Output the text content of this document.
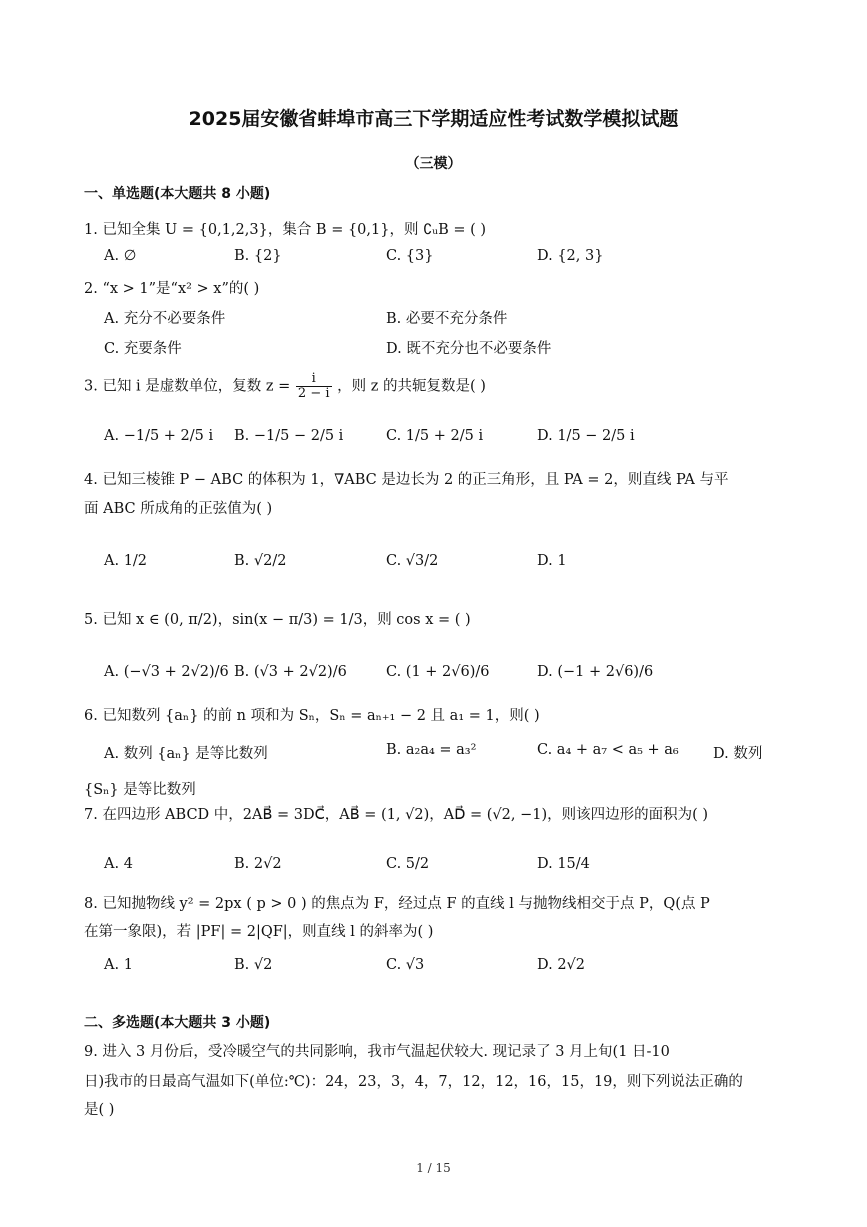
2025届安徽省蚌埠市高三下学期适应性考试数学模拟试题
（三模）
一、单选题(本大题共 8 小题)
1. 已知全集 U = {0,1,2,3}，集合 B = {0,1}，则 ∁ᵤB = ( )
A. ∅	B. {2}	C. {3}	D. {2, 3}
2. “x > 1”是“x² > x”的( )
A. 充分不必要条件	B. 必要不充分条件
C. 充要条件	D. 既不充分也不必要条件
3. 已知 i 是虚数单位，复数 $z = \frac{i}{2 - i}$ ，则 z 的共轭复数是( )
A. −1/5 + 2/5 i B. −1/5 − 2/5 i	C. 1/5 + 2/5 i	D. 1/5 − 2/5 i
4. 已知三棱锥 P − ABC 的体积为 1，∇ABC 是边长为 2 的正三角形，且 PA = 2，则直线 PA 与平
面 ABC 所成角的正弦值为( )
A. 1/2	B. √2/2	C. √3/2	D. 1
5. 已知 x ∈ (0, π/2)，sin(x − π/3) = 1/3，则 cos x = ( )
A. (−√3 + 2√2)/6 B. (√3 + 2√2)/6	C. (1 + 2√6)/6	D. (−1 + 2√6)/6
6. 已知数列 {aₙ} 的前 n 项和为 Sₙ，Sₙ = aₙ₊₁ − 2 且 a₁ = 1，则( )
A. 数列 {aₙ} 是等比数列	B. a₂a₄ = a₃²	C. a₄ + a₇ < a₅ + a₆ D. 数列
{Sₙ} 是等比数列
7. 在四边形 ABCD 中，2AB⃗ = 3DC⃗，AB⃗ = (1, √2)，AD⃗ = (√2, −1)，则该四边形的面积为( )
A. 4	B. 2√2	C. 5/2	D. 15/4
8. 已知抛物线 y² = 2px ( p > 0 ) 的焦点为 F，经过点 F 的直线 l 与抛物线相交于点 P，Q(点 P
在第一象限)，若 |PF| = 2|QF|，则直线 l 的斜率为( )
A. 1	B. √2	C. √3	D. 2√2
二、多选题(本大题共 3 小题)
9. 进入 3 月份后，受冷暖空气的共同影响，我市气温起伏较大. 现记录了 3 月上旬(1 日-10
日)我市的日最高气温如下(单位:℃)：24，23，3，4，7，12，12，16，15，19，则下列说法正确的
是( )
1 / 15
